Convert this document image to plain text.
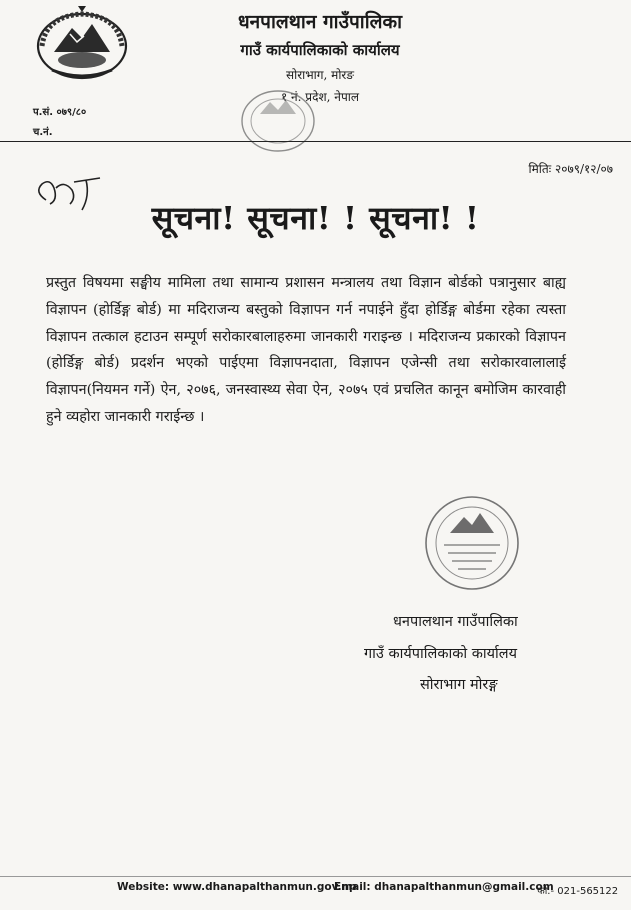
धनपालथान गाउँपालिका
गाउँ कार्यपालिकाको कार्यालय
सोराभाग, मोरङ
१ नं. प्रदेश, नेपाल
प.सं. ०७९/८०
च.नं.
मितिः २०७९/१२/०७
सूचना! सूचना! ! सूचना! !
प्रस्तुत विषयमा सङ्घीय मामिला तथा सामान्य प्रशासन मन्त्रालय तथा विज्ञान बोर्डको पत्रानुसार बाह्य विज्ञापन (होर्डिङ्ग बोर्ड) मा मदिराजन्य बस्तुको विज्ञापन गर्न नपाईने हुँदा होर्डिङ्ग बोर्डमा रहेका त्यस्ता विज्ञापन तत्काल हटाउन सम्पूर्ण सरोकारबालाहरुमा जानकारी गराइन्छ । मदिराजन्य प्रकारको विज्ञापन (होर्डिङ्ग बोर्ड) प्रदर्शन भएको पाईएमा विज्ञापनदाता, विज्ञापन एजेन्सी तथा सरोकारवालालाई विज्ञापन(नियमन गर्ने) ऐन, २०७६, जनस्वास्थ्य सेवा ऐन, २०७५ एवं प्रचलित कानून बमोजिम कारवाही हुने व्यहोरा जानकारी गराईन्छ ।
धनपालथान गाउँपालिका
गाउँ कार्यपालिकाको कार्यालय
सोराभाग मोरङ्ग
Website: www.dhanapalthanmun.gov.np
Email: dhanapalthanmun@gmail.com
फो.- 021-565122
